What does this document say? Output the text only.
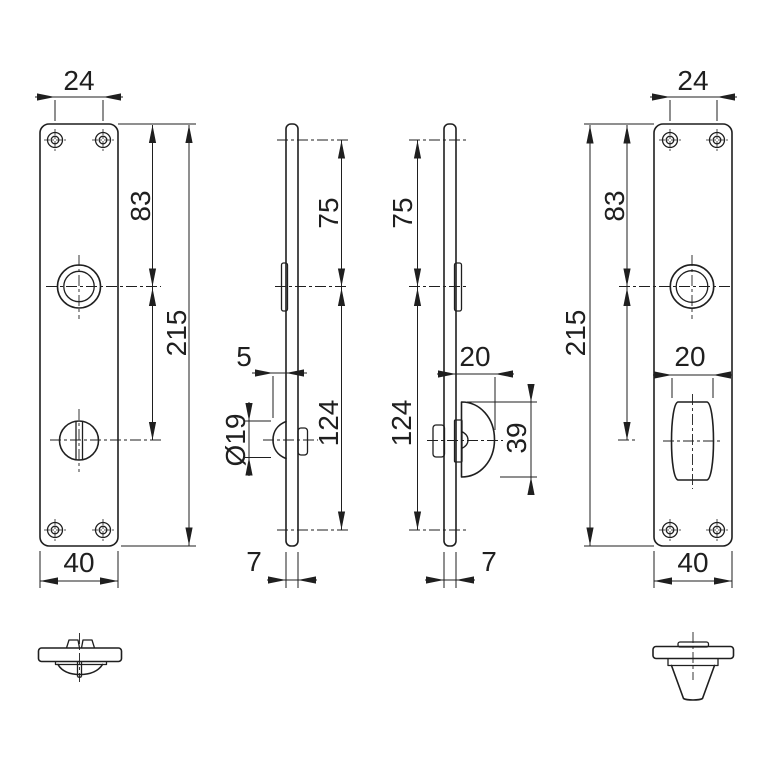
24
83
215
40
75
124
5
Ø19
7
75
124
20
39
7
24
83
215
20
40
